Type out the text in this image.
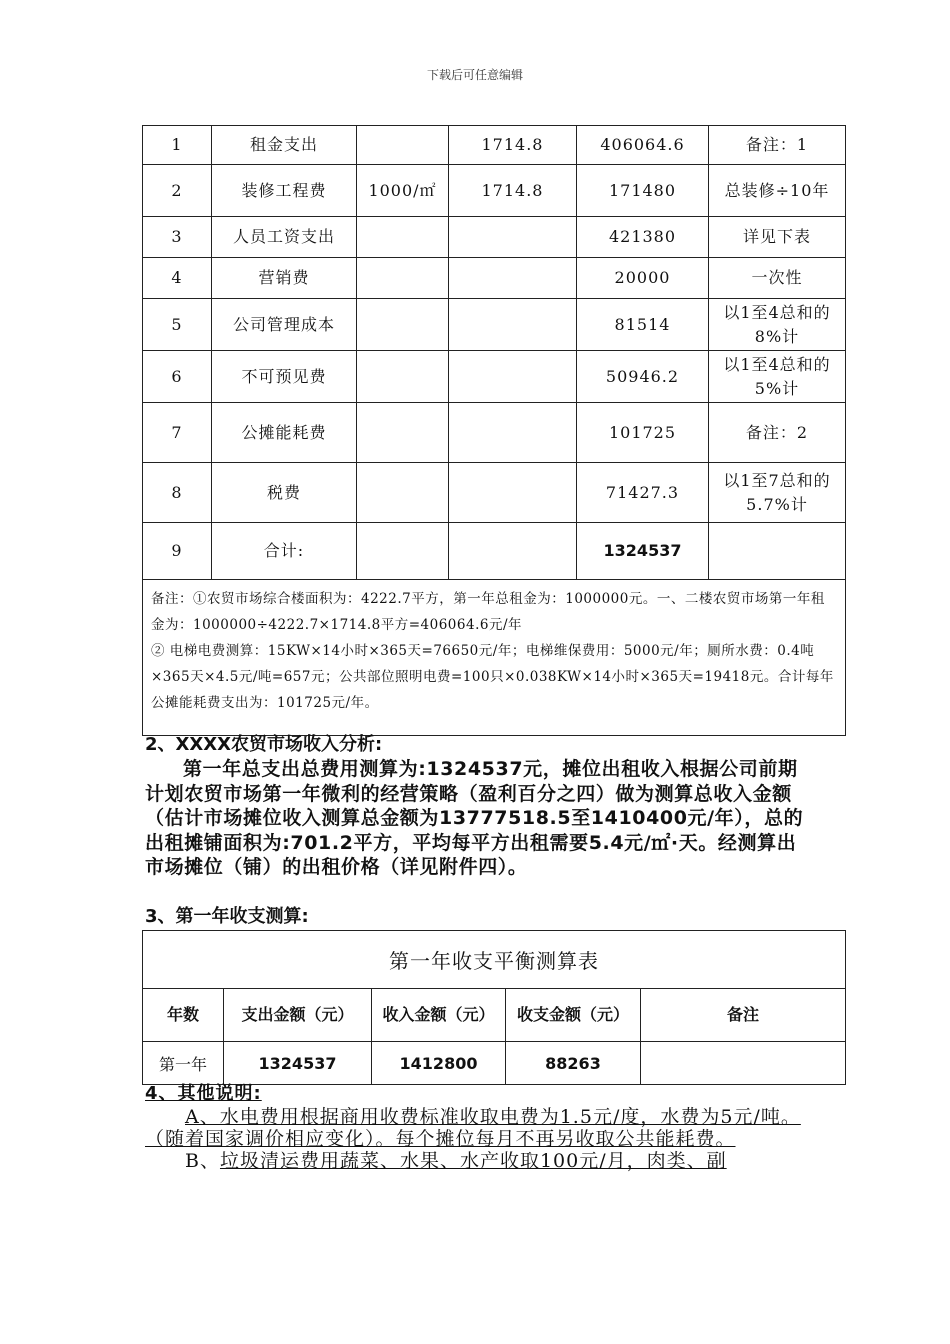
下载后可任意编辑
1	租金支出		1714.8	406064.6	备注：1
2	装修工程费	1000/㎡	1714.8	171480	总装修÷10年
3	人员工资支出			421380	详见下表
4	营销费			20000	一次性
5	公司管理成本			81514	以1至4总和的8%计
6	不可预见费			50946.2	以1至4总和的5%计
7	公摊能耗费			101725	备注：2
8	税费			71427.3	以1至7总和的5.7%计
9	合计:			1324537	

备注：①农贸市场综合楼面积为：4222.7平方，第一年总租金为：1000000元。一、二楼农贸市场第一年租金为：1000000÷4222.7×1714.8平方=406064.6元/年
② 电梯电费测算：15KW×14小时×365天=76650元/年；电梯维保费用：5000元/年；厕所水费：0.4吨×365天×4.5元/吨=657元；公共部位照明电费=100只×0.038KW×14小时×365天=19418元。合计每年公摊能耗费支出为：101725元/年。					
2、XXXX农贸市场收入分析:
第一年总支出总费用测算为:1324537元，摊位出租收入根据公司前期计划农贸市场第一年微利的经营策略（盈利百分之四）做为测算总收入金额（估计市场摊位收入测算总金额为13777518.5至1410400元/年），总的出租摊铺面积为:701.2平方，平均每平方出租需要5.4元/㎡·天。经测算出市场摊位（铺）的出租价格（详见附件四）。
3、第一年收支测算:
第一年收支平衡测算表				
年数	支出金额（元）	收入金额（元）	收支金额（元）	备注
第一年	1324537	1412800	88263	

4、其他说明:

A、水电费用根据商用收费标准收取电费为1.5元/度，水费为5元/吨。（随着国家调价相应变化）。每个摊位每月不再另收取公共能耗费。

B、垃圾清运费用蔬菜、水果、水产收取100元/月，肉类、副
